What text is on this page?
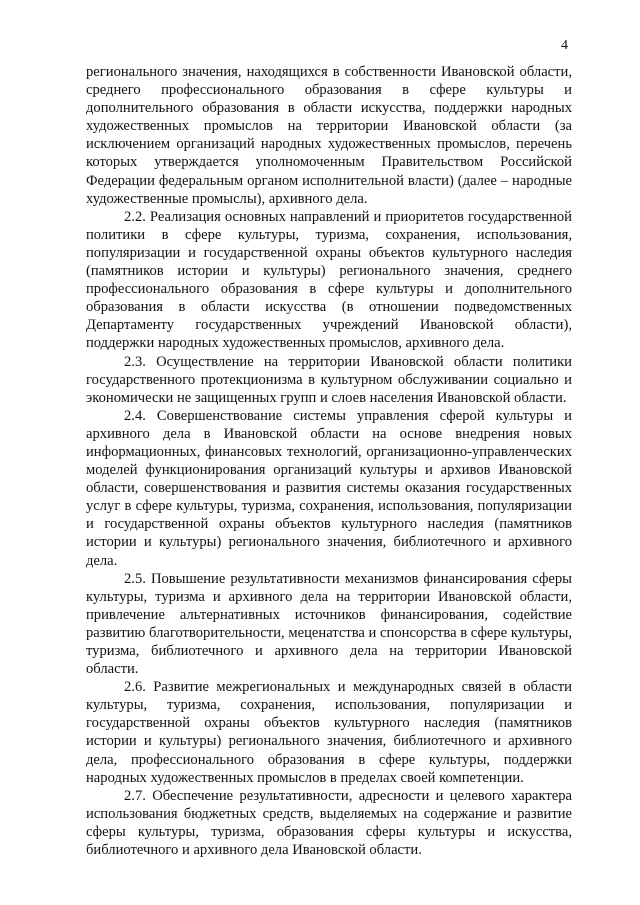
4

регионального значения, находящихся в собственности Ивановской области, среднего профессионального образования в сфере культуры и дополнительного образования в области искусства, поддержки народных художественных промыслов на территории Ивановской области (за исключением организаций народных художественных промыслов, перечень которых утверждается уполномоченным Правительством Российской Федерации федеральным органом исполнительной власти) (далее – народные художественные промыслы), архивного дела.

2.2. Реализация основных направлений и приоритетов государственной политики в сфере культуры, туризма, сохранения, использования, популяризации и государственной охраны объектов культурного наследия (памятников истории и культуры) регионального значения, среднего профессионального образования в сфере культуры и дополнительного образования в области искусства (в отношении подведомственных Департаменту государственных учреждений Ивановской области), поддержки народных художественных промыслов, архивного дела.

2.3. Осуществление на территории Ивановской области политики государственного протекционизма в культурном обслуживании социально и экономически не защищенных групп и слоев населения Ивановской области.

2.4. Совершенствование системы управления сферой культуры и архивного дела в Ивановской области на основе внедрения новых информационных, финансовых технологий, организационно-управленческих моделей функционирования организаций культуры и архивов Ивановской области, совершенствования и развития системы оказания государственных услуг в сфере культуры, туризма, сохранения, использования, популяризации и государственной охраны объектов культурного наследия (памятников истории и культуры) регионального значения, библиотечного и архивного дела.

2.5. Повышение результативности механизмов финансирования сферы культуры, туризма и архивного дела на территории Ивановской области, привлечение альтернативных источников финансирования, содействие развитию благотворительности, меценатства и спонсорства в сфере культуры, туризма, библиотечного и архивного дела на территории Ивановской области.

2.6. Развитие межрегиональных и международных связей в области культуры, туризма, сохранения, использования, популяризации и государственной охраны объектов культурного наследия (памятников истории и культуры) регионального значения, библиотечного и архивного дела, профессионального образования в сфере культуры, поддержки народных художественных промыслов в пределах своей компетенции.

2.7. Обеспечение результативности, адресности и целевого характера использования бюджетных средств, выделяемых на содержание и развитие сферы культуры, туризма, образования сферы культуры и искусства, библиотечного и архивного дела Ивановской области.
